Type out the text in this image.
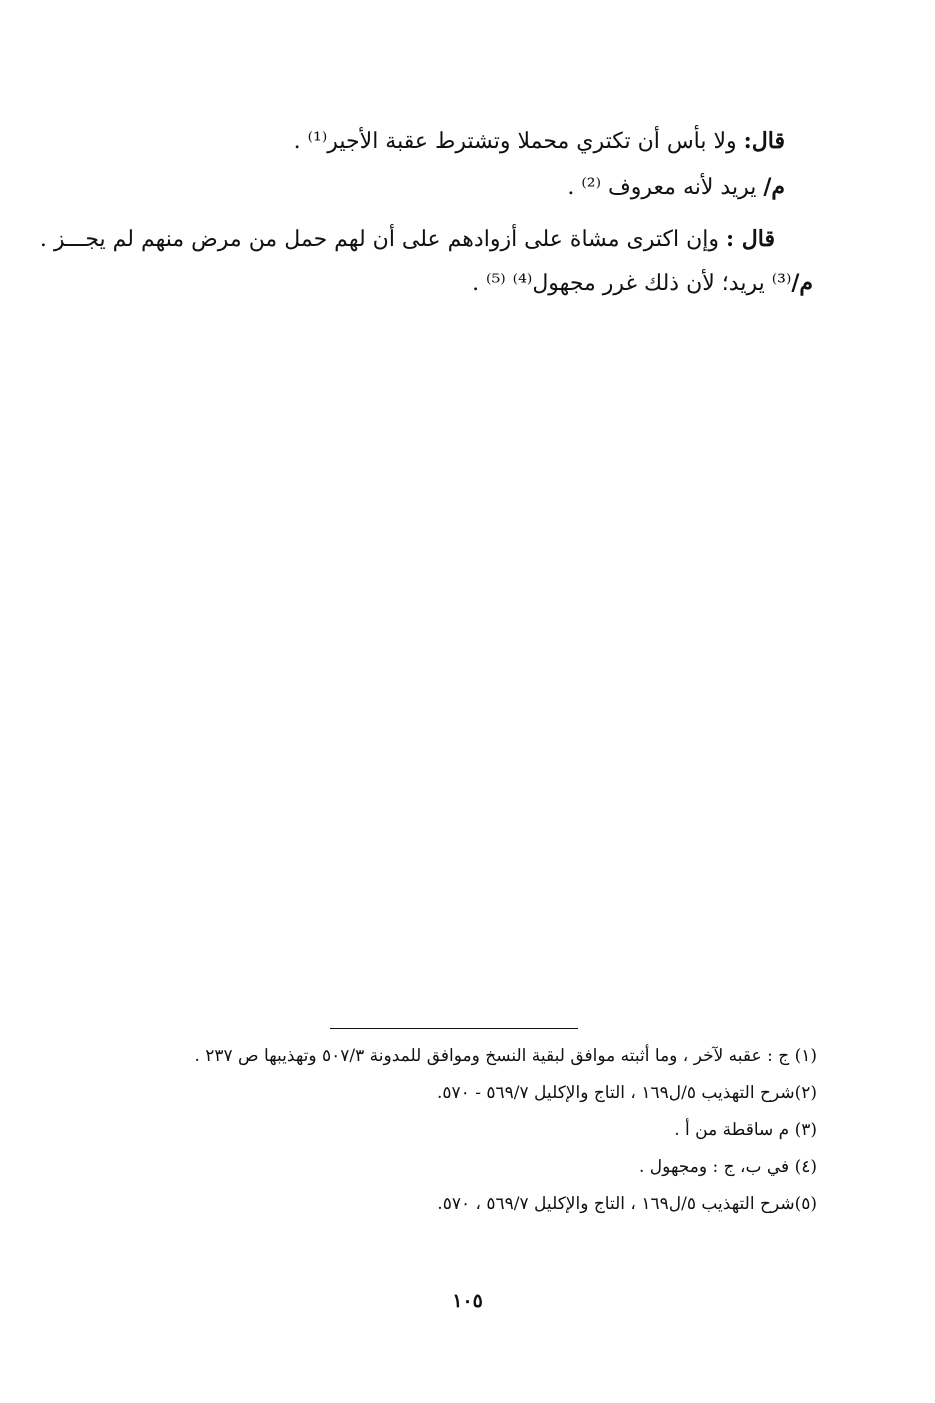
قال: ولا بأس أن تكتري محملا وتشترط عقبة الأجير⁽¹⁾ .
م/ يريد لأنه معروف ⁽²⁾ .
قال : وإن اكترى مشاة على أزوادهم على أن لهم حمل من مرض منهم لم يجـــز .
م/⁽³⁾ يريد؛ لأن ذلك غرر مجهول⁽⁴⁾ ⁽⁵⁾ .
(١) ج : عقبه لآخر ، وما أثبته موافق لبقية النسخ وموافق للمدونة ٥٠٧/٣ وتهذيبها ص ٢٣٧ .
(٢)شرح التهذيب ٥/ل١٦٩ ، التاج والإكليل ٥٦٩/٧ - ٥٧٠.
(٣) م ساقطة من أ .
(٤) في ب، ج : ومجهول .
(٥)شرح التهذيب ٥/ل١٦٩ ، التاج والإكليل ٥٦٩/٧ ، ٥٧٠.
١٠٥
